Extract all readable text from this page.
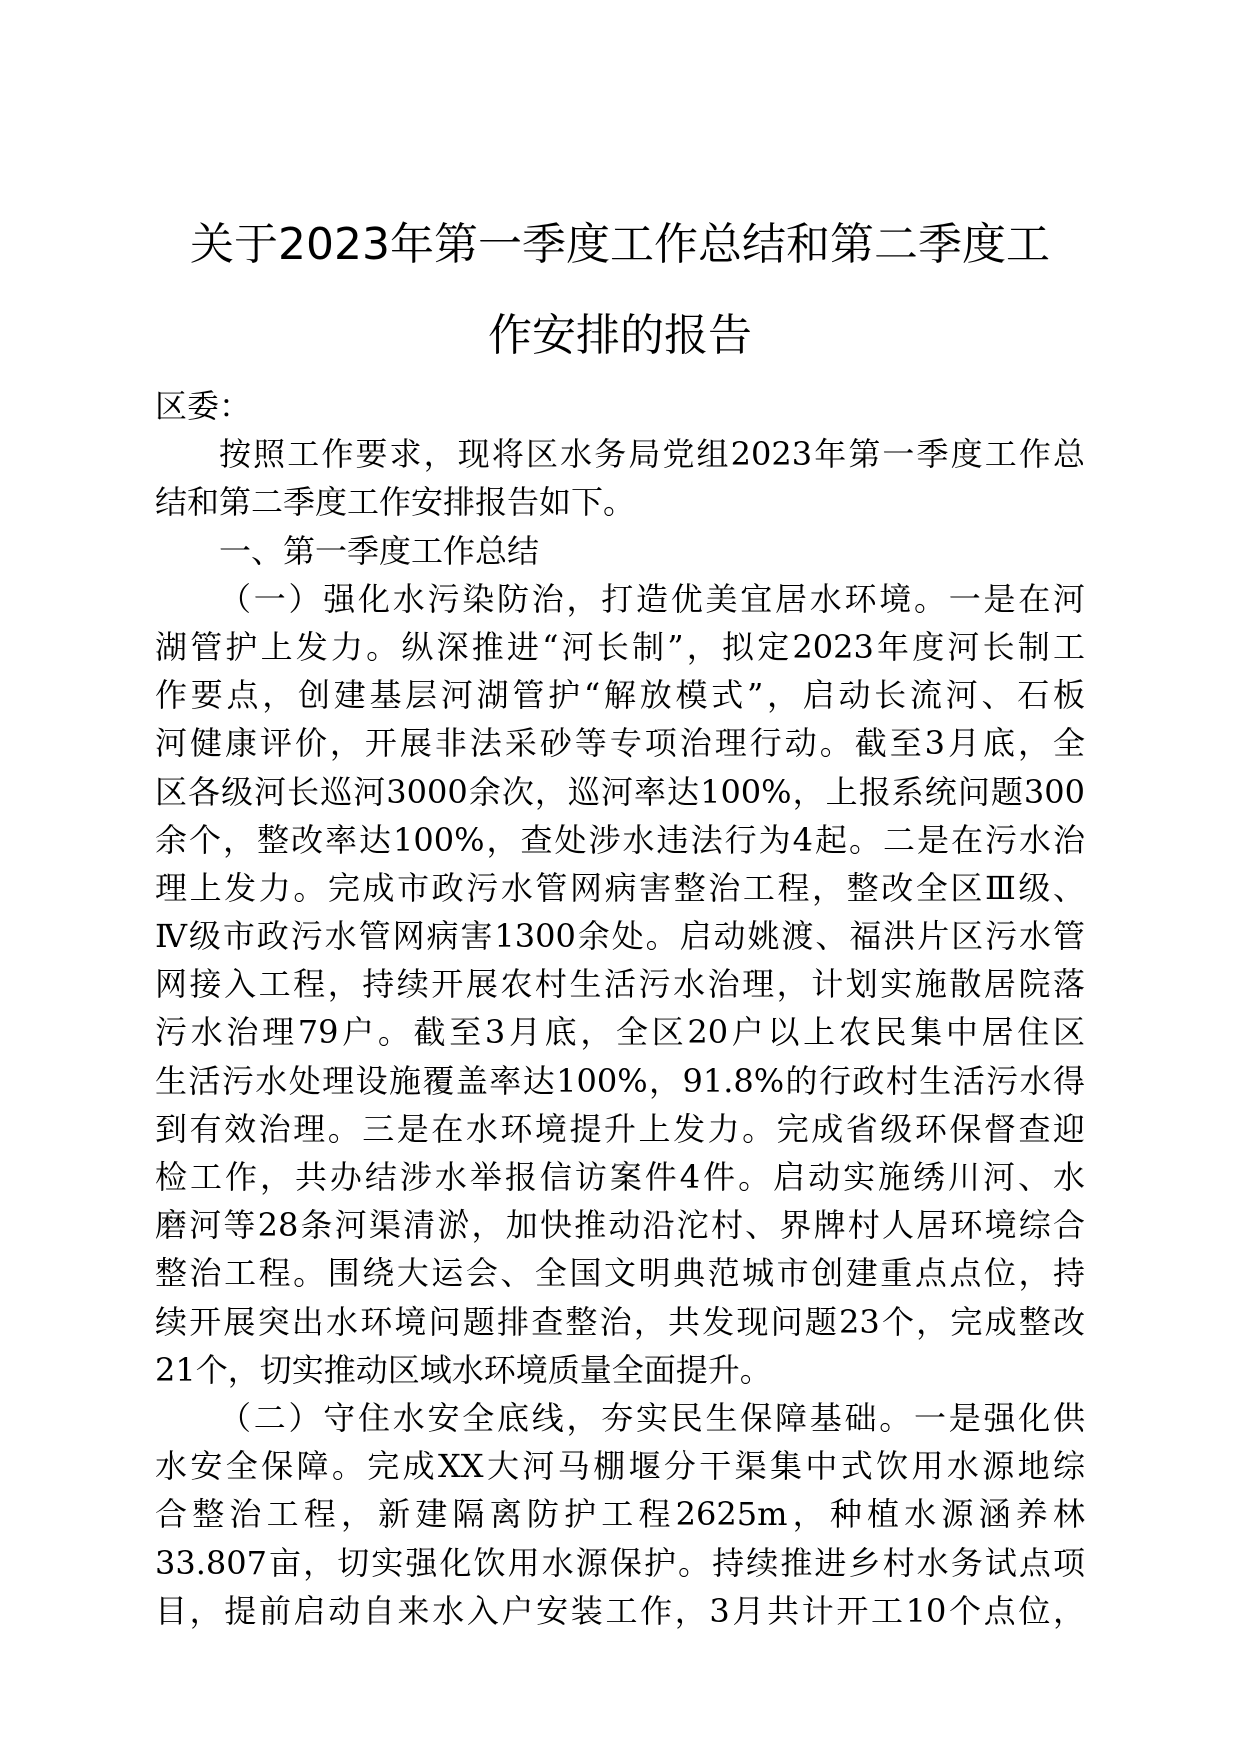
关于2023年第一季度工作总结和第二季度工
作安排的报告
区委：
按照工作要求，现将区水务局党组2023年第一季度工作总
结和第二季度工作安排报告如下。
一、第一季度工作总结
（一）强化水污染防治，打造优美宜居水环境。一是在河
湖管护上发力。纵深推进“河长制”，拟定2023年度河长制工
作要点，创建基层河湖管护“解放模式”，启动长流河、石板
河健康评价，开展非法采砂等专项治理行动。截至3月底，全
区各级河长巡河3000余次，巡河率达100%，上报系统问题300
余个，整改率达100%，查处涉水违法行为4起。二是在污水治
理上发力。完成市政污水管网病害整治工程，整改全区Ⅲ级、
Ⅳ级市政污水管网病害1300余处。启动姚渡、福洪片区污水管
网接入工程，持续开展农村生活污水治理，计划实施散居院落
污水治理79户。截至3月底，全区20户以上农民集中居住区
生活污水处理设施覆盖率达100%，91.8%的行政村生活污水得
到有效治理。三是在水环境提升上发力。完成省级环保督查迎
检工作，共办结涉水举报信访案件4件。启动实施绣川河、水
磨河等28条河渠清淤，加快推动沿沱村、界牌村人居环境综合
整治工程。围绕大运会、全国文明典范城市创建重点点位，持
续开展突出水环境问题排查整治，共发现问题23个，完成整改
21个，切实推动区域水环境质量全面提升。
（二）守住水安全底线，夯实民生保障基础。一是强化供
水安全保障。完成XX大河马棚堰分干渠集中式饮用水源地综
合整治工程，新建隔离防护工程2625m，种植水源涵养林
33.807亩，切实强化饮用水源保护。持续推进乡村水务试点项
目，提前启动自来水入户安装工作，3月共计开工10个点位，
